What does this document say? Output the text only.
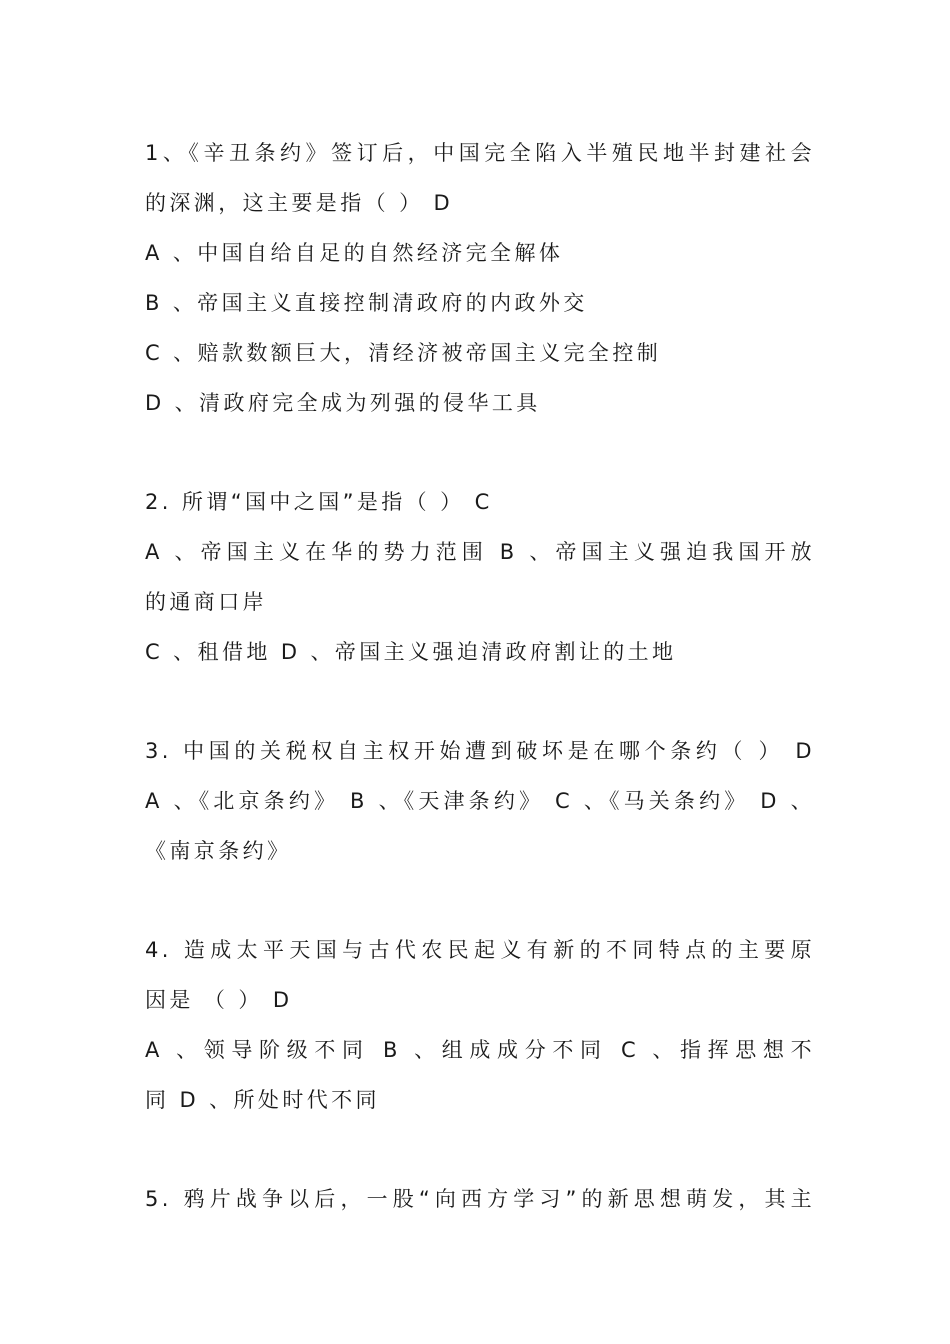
1、《辛丑条约》签订后，中国完全陷入半殖民地半封建社会
的深渊，这主要是指（ ） D
A 、中国自给自足的自然经济完全解体
B 、帝国主义直接控制清政府的内政外交
C 、赔款数额巨大，清经济被帝国主义完全控制
D 、清政府完全成为列强的侵华工具
2. 所谓“国中之国”是指（ ） C
A 、帝国主义在华的势力范围 B 、帝国主义强迫我国开放
的通商口岸
C 、租借地 D 、帝国主义强迫清政府割让的土地
3. 中国的关税权自主权开始遭到破坏是在哪个条约（ ） D
A 、《北京条约》 B 、《天津条约》 C 、《马关条约》 D 、
《南京条约》
4. 造成太平天国与古代农民起义有新的不同特点的主要原
因是 （ ） D
A 、领导阶级不同 B 、组成成分不同 C 、指挥思想不
同 D 、所处时代不同
5. 鸦片战争以后，一股“向西方学习”的新思想萌发，其主
